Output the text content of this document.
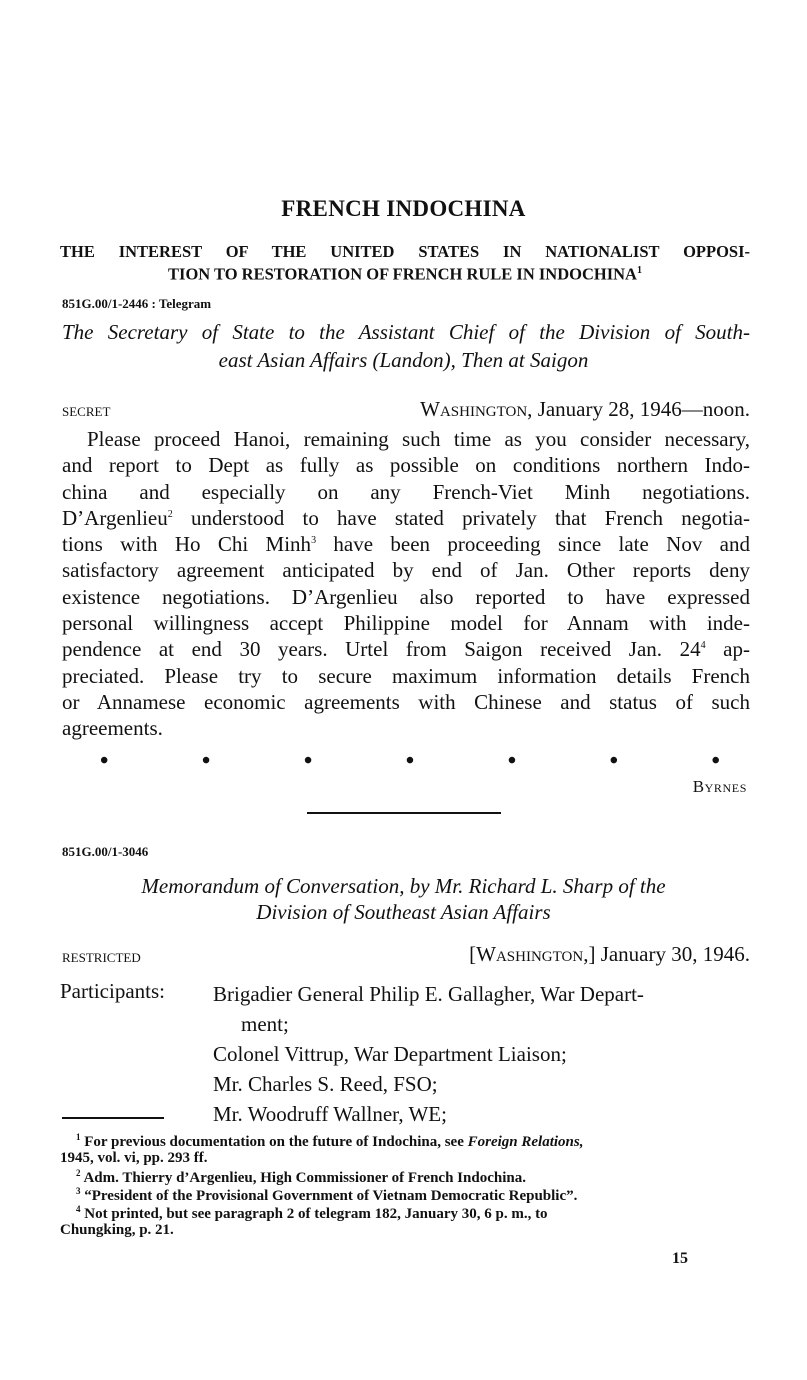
FRENCH INDOCHINA
THE INTEREST OF THE UNITED STATES IN NATIONALIST OPPOSI-
TION TO RESTORATION OF FRENCH RULE IN INDOCHINA$^1$
851G.00/1-2446 : Telegram
The Secretary of State to the Assistant Chief of the Division of South-
east Asian Affairs (Landon), Then at Saigon
SECRET	Washington, January 28, 1946—noon.
Please proceed Hanoi, remaining such time as you consider necessary,
and report to Dept as fully as possible on conditions northern Indo-
china and especially on any French-Viet Minh negotiations.
D’Argenlieu$^2$ understood to have stated privately that French negotia-
tions with Ho Chi Minh$^3$ have been proceeding since late Nov and
satisfactory agreement anticipated by end of Jan. Other reports deny
existence negotiations. D’Argenlieu also reported to have expressed
personal willingness accept Philippine model for Annam with inde-
pendence at end 30 years. Urtel from Saigon received Jan. $24^4$ ap-
preciated. Please try to secure maximum information details French
or Annamese economic agreements with Chinese and status of such
agreements.
•	•	•	•	•	•	•
Byrnes
851G.00/1-3046
Memorandum of Conversation, by Mr. Richard L. Sharp of the
Division of Southeast Asian Affairs
RESTRICTED	[Washington,] January 30, 1946.
Participants: Brigadier General Philip E. Gallagher, War Depart-
ment;
Colonel Vittrup, War Department Liaison;
Mr. Charles S. Reed, FSO;
Mr. Woodruff Wallner, WE;
$^1$ For previous documentation on the future of Indochina, see Foreign Relations,
1945, vol. vi, pp. 293 ff.
$^2$ Adm. Thierry d’Argenlieu, High Commissioner of French Indochina.
$^3$ “President of the Provisional Government of Vietnam Democratic Republic”.
$^4$ Not printed, but see paragraph 2 of telegram 182, January 30, 6 p. m., to
Chungking, p. 21.
15
